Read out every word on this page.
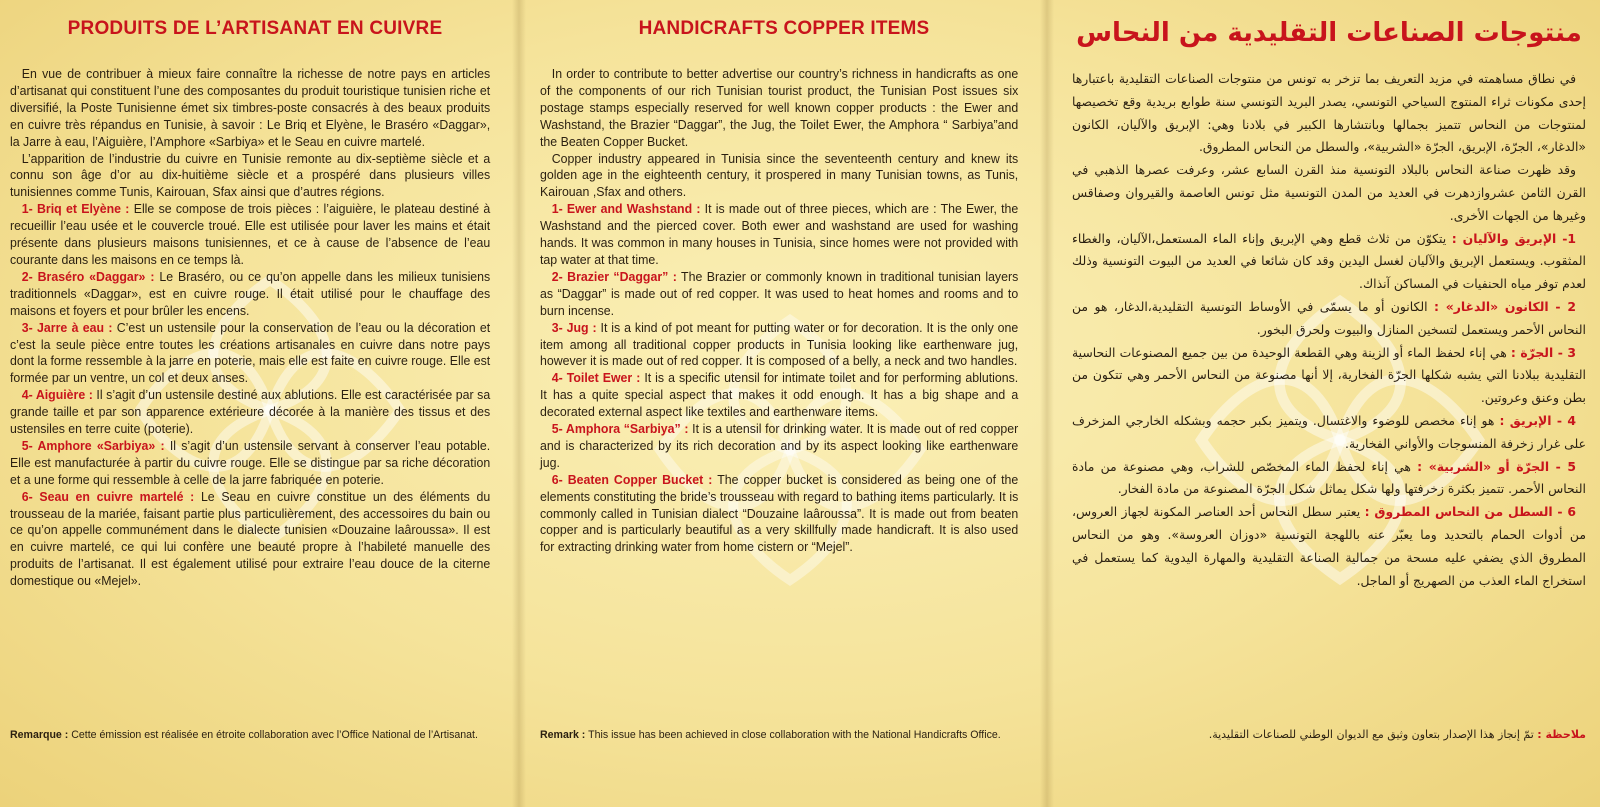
PRODUITS DE L’ARTISANAT EN CUIVRE

En vue de contribuer à mieux faire connaître la richesse de notre pays en articles d’artisanat qui constituent l’une des composantes du produit touristique tunisien riche et diversifié, la Poste Tunisienne émet six timbres-poste consacrés à des beaux produits en cuivre très répandus en Tunisie, à savoir : Le Briq et Elyène, le Braséro «Daggar», la Jarre à eau, l’Aiguière, l’Amphore «Sarbiya» et le Seau en cuivre martelé.

L’apparition de l’industrie du cuivre en Tunisie remonte au dix-septième siècle et a connu son âge d’or au dix-huitième siècle et a prospéré dans plusieurs villes tunisiennes comme Tunis, Kairouan, Sfax ainsi que d’autres régions.

1- Briq et Elyène : Elle se compose de trois pièces : l’aiguière, le plateau destiné à recueillir l’eau usée et le couvercle troué. Elle est utilisée pour laver les mains et était présente dans plusieurs maisons tunisiennes, et ce à cause de l’absence de l’eau courante dans les maisons en ce temps là.

2- Braséro «Daggar» : Le Braséro, ou ce qu’on appelle dans les milieux tunisiens traditionnels «Daggar», est en cuivre rouge. Il était utilisé pour le chauffage des maisons et foyers et pour brûler les encens.

3- Jarre à eau : C’est un ustensile pour la conservation de l’eau ou la décoration et c’est la seule pièce entre toutes les créations artisanales en cuivre dans notre pays dont la forme ressemble à la jarre en poterie, mais elle est faite en cuivre rouge. Elle est formée par un ventre, un col et deux anses.

4- Aiguière : Il s’agit d’un ustensile destiné aux ablutions. Elle est caractérisée par sa grande taille et par son apparence extérieure décorée à la manière des tissus et des ustensiles en terre cuite (poterie).

5- Amphore «Sarbiya» : Il s’agit d’un ustensile servant à conserver l’eau potable. Elle est manufacturée à partir du cuivre rouge. Elle se distingue par sa riche décoration et a une forme qui ressemble à celle de la jarre fabriquée en poterie.

6- Seau en cuivre martelé : Le Seau en cuivre constitue un des éléments du trousseau de la mariée, faisant partie plus particulièrement, des accessoires du bain ou ce qu’on appelle communément dans le dialecte tunisien «Douzaine laâroussa». Il est en cuivre martelé, ce qui lui confère une beauté propre à l’habileté manuelle des produits de l’artisanat. Il est également utilisé pour extraire l’eau douce de la citerne domestique ou «Mejel».

Remarque : Cette émission est réalisée en étroite collaboration avec l’Office National de l’Artisanat.
HANDICRAFTS COPPER ITEMS

In order to contribute to better advertise our country’s richness in handicrafts as one of the components of our rich Tunisian tourist product, the Tunisian Post issues six postage stamps especially reserved for well known copper products : the Ewer and Washstand, the Brazier “Daggar”, the Jug, the Toilet Ewer, the Amphora “ Sarbiya”and the Beaten Copper Bucket.

Copper industry appeared in Tunisia since the seventeenth century and knew its golden age in the eighteenth century, it prospered in many Tunisian towns, as Tunis, Kairouan ,Sfax and others.

1- Ewer and Washstand : It is made out of three pieces, which are : The Ewer, the Washstand and the pierced cover. Both ewer and washstand are used for washing hands. It was common in many houses in Tunisia, since homes were not provided with tap water at that time.

2- Brazier “Daggar” : The Brazier or commonly known in traditional tunisian layers as “Daggar” is made out of red copper. It was used to heat homes and rooms and to burn incense.

3- Jug : It is a kind of pot meant for putting water or for decoration. It is the only one item among all traditional copper products in Tunisia looking like earthenware jug, however it is made out of red copper. It is composed of a belly, a neck and two handles.

4- Toilet Ewer : It is a specific utensil for intimate toilet and for performing ablutions. It has a quite special aspect that makes it odd enough. It has a big shape and a decorated external aspect like textiles and earthenware items.

5- Amphora “Sarbiya” : It is a utensil for drinking water. It is made out of red copper and is characterized by its rich decoration and by its aspect looking like earthenware jug.

6- Beaten Copper Bucket : The copper bucket is considered as being one of the elements constituting the bride’s trousseau with regard to bathing items particularly. It is commonly called in Tunisian dialect “Douzaine laâroussa”. It is made out from beaten copper and is particularly beautiful as a very skillfully made handicraft. It is also used for extracting drinking water from home cistern or “Mejel”.

Remark : This issue has been achieved in close collaboration with the National Handicrafts Office.
منتوجات الصناعات التقليدية من النحاس

في نطاق مساهمته في مزيد التعريف بما تزخر به تونس من منتوجات الصناعات التقليدية باعتبارها إحدى مكونات ثراء المنتوج السياحي التونسي، يصدر البريد التونسي سنة طوابع بريدية وقع تخصيصها لمنتوجات من النحاس تتميز بجمالها وبانتشارها الكبير في بلادنا وهي: الإبريق والآليان، الكانون «الدغار»، الجرّة، الإبريق، الجرّة «الشربية»، والسطل من النحاس المطروق.

وقد ظهرت صناعة النحاس بالبلاد التونسية منذ القرن السابع عشر، وعرفت عصرها الذهبي في القرن الثامن عشروازدهرت في العديد من المدن التونسية مثل تونس العاصمة والقيروان وصفاقس وغيرها من الجهات الأخرى.

1- الإبريق والآليان : يتكوّن من ثلاث قطع وهي الإبريق وإناء الماء المستعمل،الآليان، والغطاء المثقوب. ويستعمل الإبريق والآليان لغسل اليدين وقد كان شائعا في العديد من البيوت التونسية وذلك لعدم توفر مياه الحنفيات في المساكن آنذاك.

2 - الكانون «الدغار» : الكانون أو ما يسمّى في الأوساط التونسية التقليدية،الدغار، هو من النحاس الأحمر ويستعمل لتسخين المنازل والبيوت ولحرق البخور.

3 - الجرّة : هي إناء لحفظ الماء أو الزينة وهي القطعة الوحيدة من بين جميع المصنوعات النحاسية التقليدية ببلادنا التي يشبه شكلها الجرّة الفخارية، إلا أنها مصنوعة من النحاس الأحمر وهي تتكون من بطن وعنق وعروتين.

4 - الإبريق : هو إناء مخصص للوضوء والاغتسال. ويتميز بكبر حجمه وبشكله الخارجي المزخرف على غرار زخرفة المنسوجات والأواني الفخارية.

5 - الجرّة أو «الشربية» : هي إناء لحفظ الماء المخصّص للشراب، وهي مصنوعة من مادة النحاس الأحمر. تتميز بكثرة زخرفتها ولها شكل يماثل شكل الجرّة المصنوعة من مادة الفخار.

6 - السطل من النحاس المطروق : يعتبر سطل النحاس أحد العناصر المكونة لجهاز العروس، من أدوات الحمام بالتحديد وما يعبّر عنه باللهجة التونسية «دوزان العروسة». وهو من النحاس المطروق الذي يضفي عليه مسحة من جمالية الصناعة التقليدية والمهارة اليدوية كما يستعمل في استخراج الماء العذب من الصهريج أو الماجل.

ملاحظة : تمّ إنجاز هذا الإصدار بتعاون وثيق مع الديوان الوطني للصناعات التقليدية.
